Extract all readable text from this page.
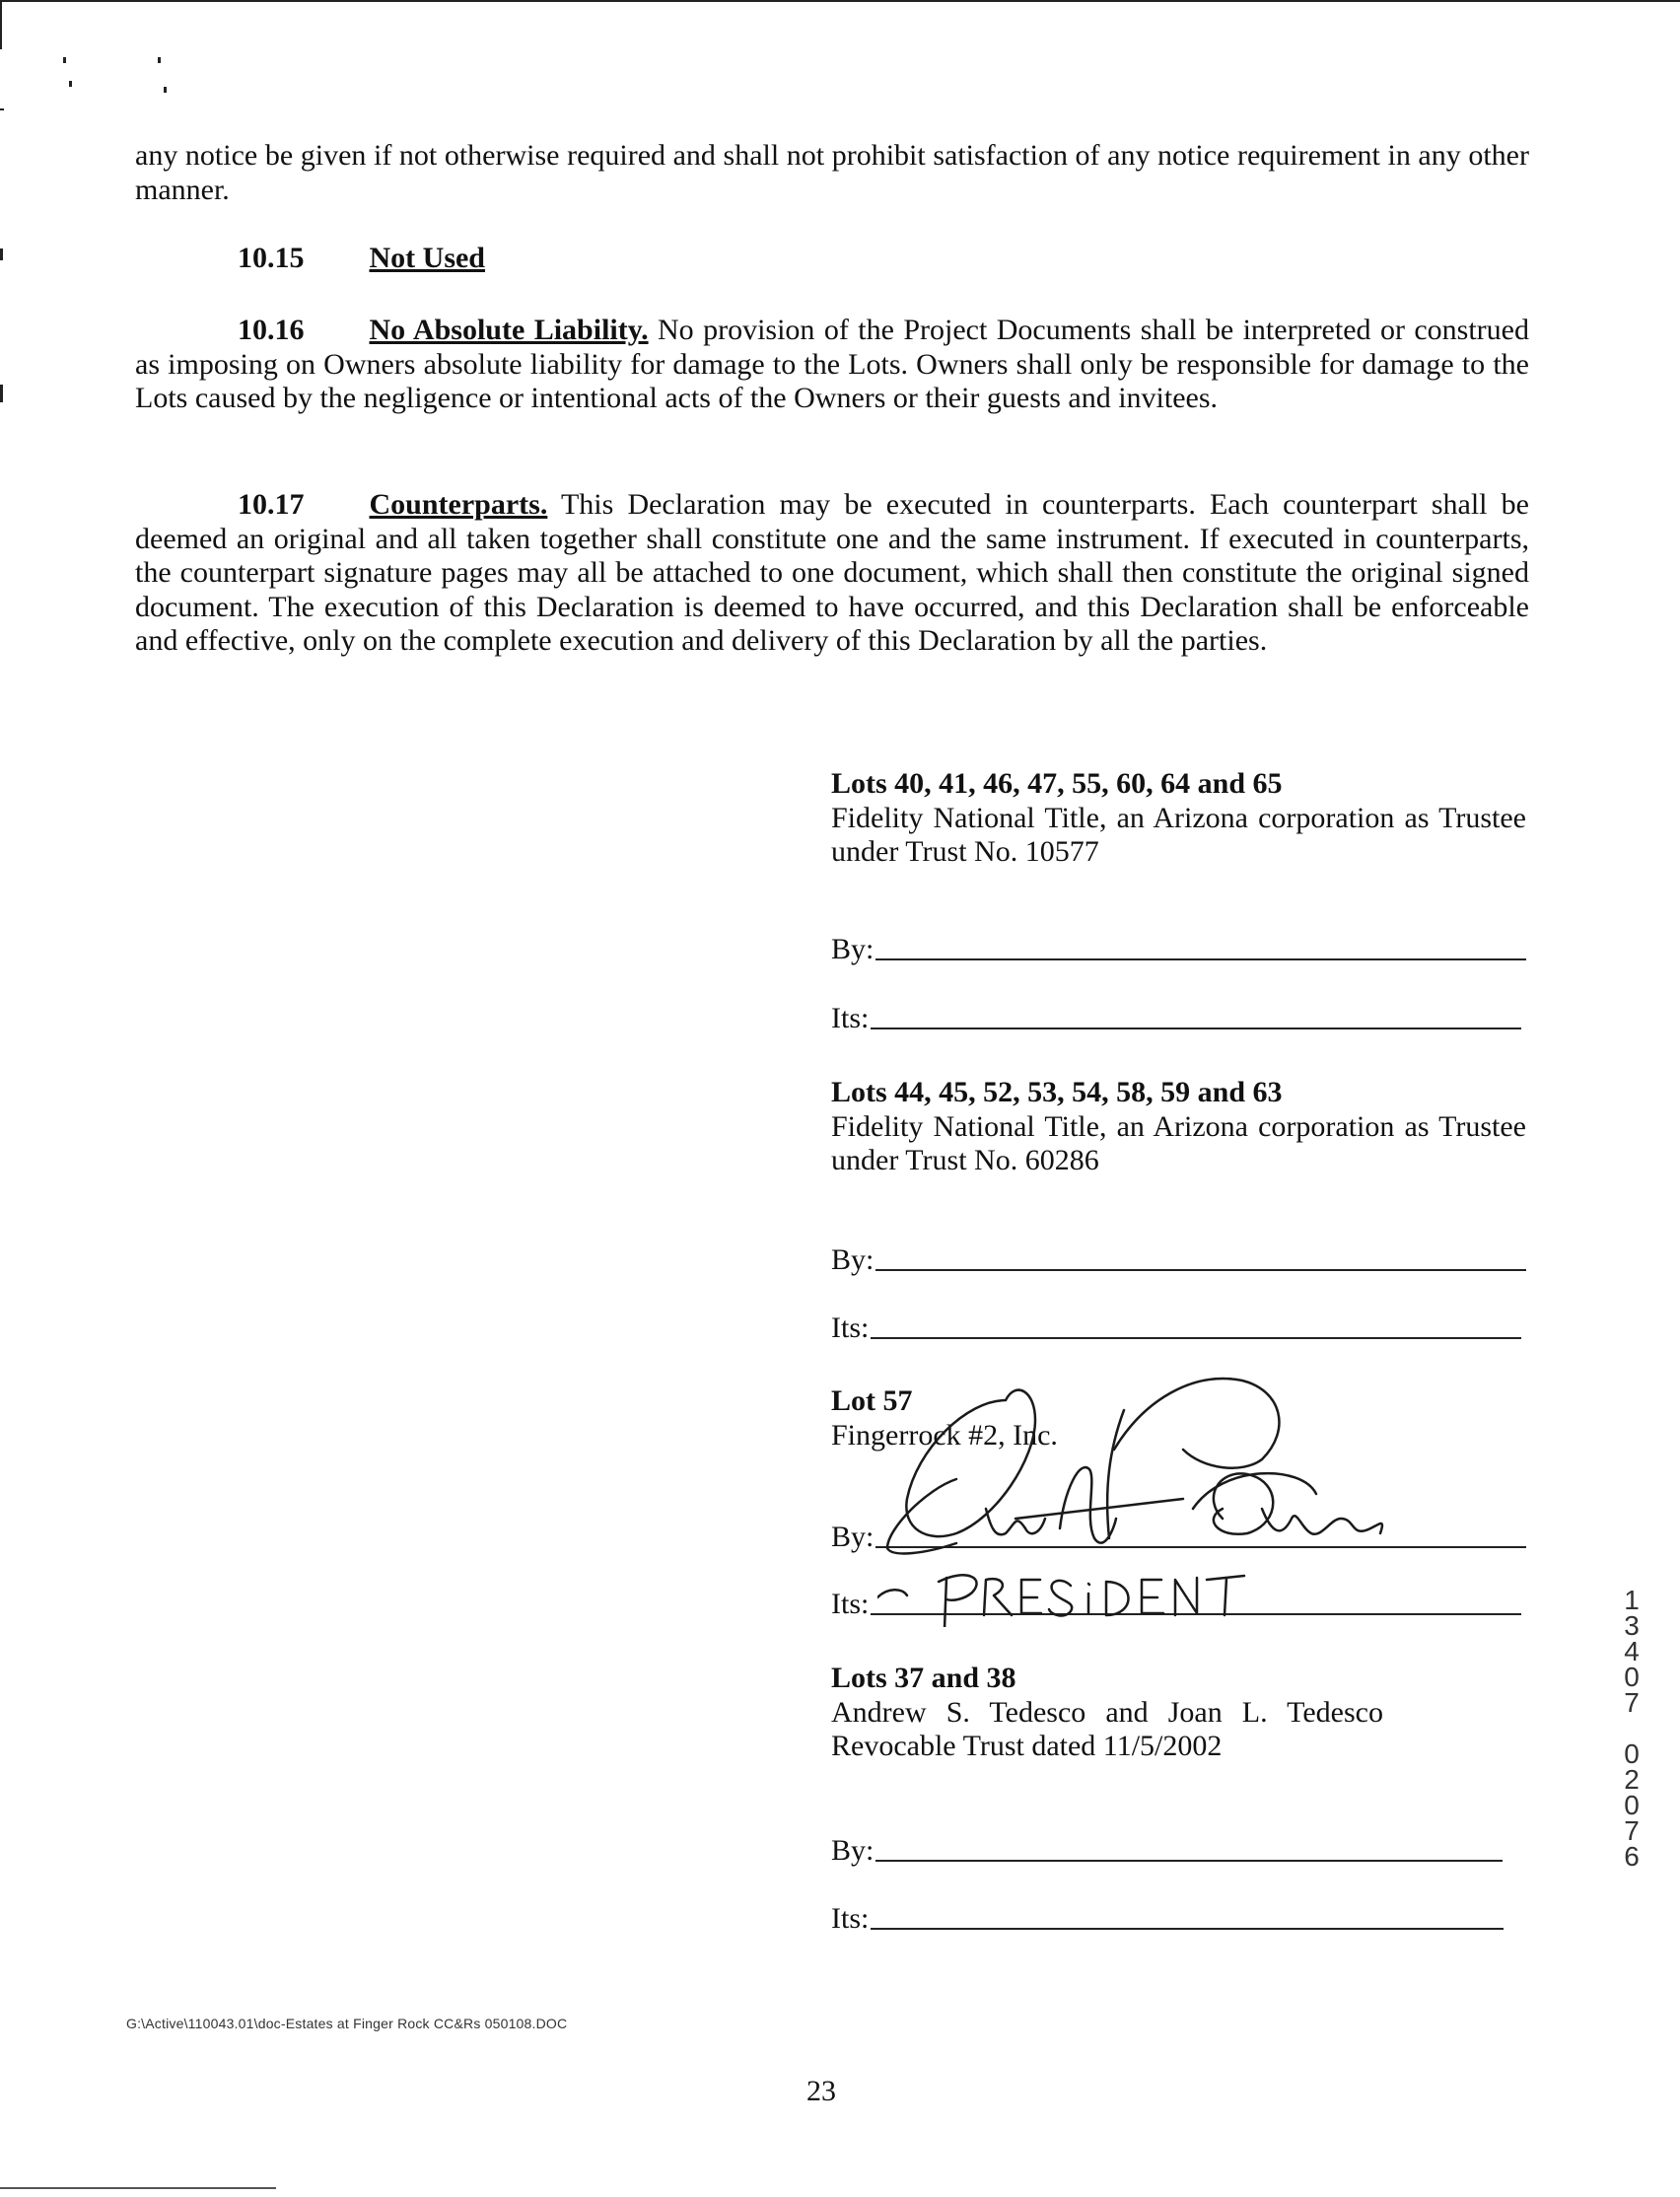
any notice be given if not otherwise required and shall not prohibit satisfaction of any notice requirement in any other manner.

10.15 Not Used

10.16 No Absolute Liability. No provision of the Project Documents shall be interpreted or construed as imposing on Owners absolute liability for damage to the Lots. Owners shall only be responsible for damage to the Lots caused by the negligence or intentional acts of the Owners or their guests and invitees.

10.17 Counterparts. This Declaration may be executed in counterparts. Each counterpart shall be deemed an original and all taken together shall constitute one and the same instrument. If executed in counterparts, the counterpart signature pages may all be attached to one document, which shall then constitute the original signed document. The execution of this Declaration is deemed to have occurred, and this Declaration shall be enforceable and effective, only on the complete execution and delivery of this Declaration by all the parties.

Lots 40, 41, 46, 47, 55, 60, 64 and 65
Fidelity National Title, an Arizona corporation as Trustee under Trust No. 10577
By:
Its:
Lots 44, 45, 52, 53, 54, 58, 59 and 63
Fidelity National Title, an Arizona corporation as Trustee under Trust No. 60286
By:
Its:
Lot 57
Fingerrock #2, Inc.
By:
Its:
Lots 37 and 38
Andrew S. Tedesco and Joan L. Tedesco Revocable Trust dated 11/5/2002
By:
Its:
1
3
4
0
7
0
2
0
7
6
G:\Active\110043.01\doc-Estates at Finger Rock CC&Rs 050108.DOC
23
